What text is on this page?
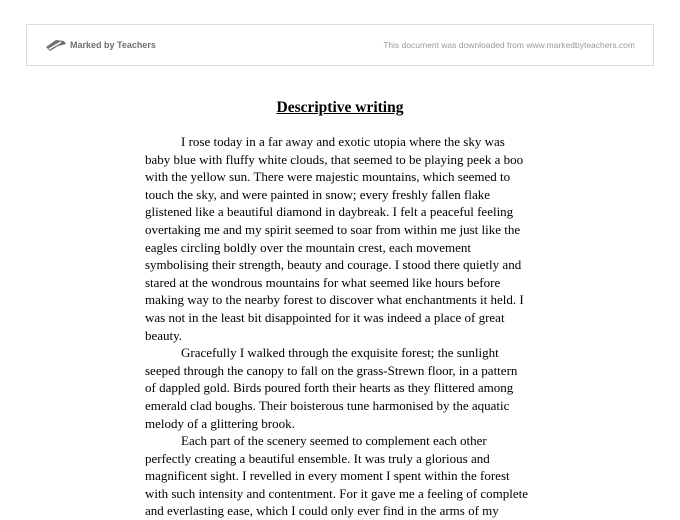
Marked by Teachers	This document was downloaded from www.markedbyteachers.com
Descriptive writing
I rose today in a far away and exotic utopia where the sky was
baby blue with fluffy white clouds, that seemed to be playing peek a boo
with the yellow sun. There were majestic mountains, which seemed to
touch the sky, and were painted in snow; every freshly fallen flake
glistened like a beautiful diamond in daybreak. I felt a peaceful feeling
overtaking me and my spirit seemed to soar from within me just like the
eagles circling boldly over the mountain crest, each movement
symbolising their strength, beauty and courage. I stood there quietly and
stared at the wondrous mountains for what seemed like hours before
making way to the nearby forest to discover what enchantments it held. I
was not in the least bit disappointed for it was indeed a place of great
beauty.
Gracefully I walked through the exquisite forest; the sunlight
seeped through the canopy to fall on the grass-Strewn floor, in a pattern
of dappled gold. Birds poured forth their hearts as they flittered among
emerald clad boughs. Their boisterous tune harmonised by the aquatic
melody of a glittering brook.
Each part of the scenery seemed to complement each other
perfectly creating a beautiful ensemble. It was truly a glorious and
magnificent sight. I revelled in every moment I spent within the forest
with such intensity and contentment. For it gave me a feeling of complete
and everlasting ease, which I could only ever find in the arms of my
